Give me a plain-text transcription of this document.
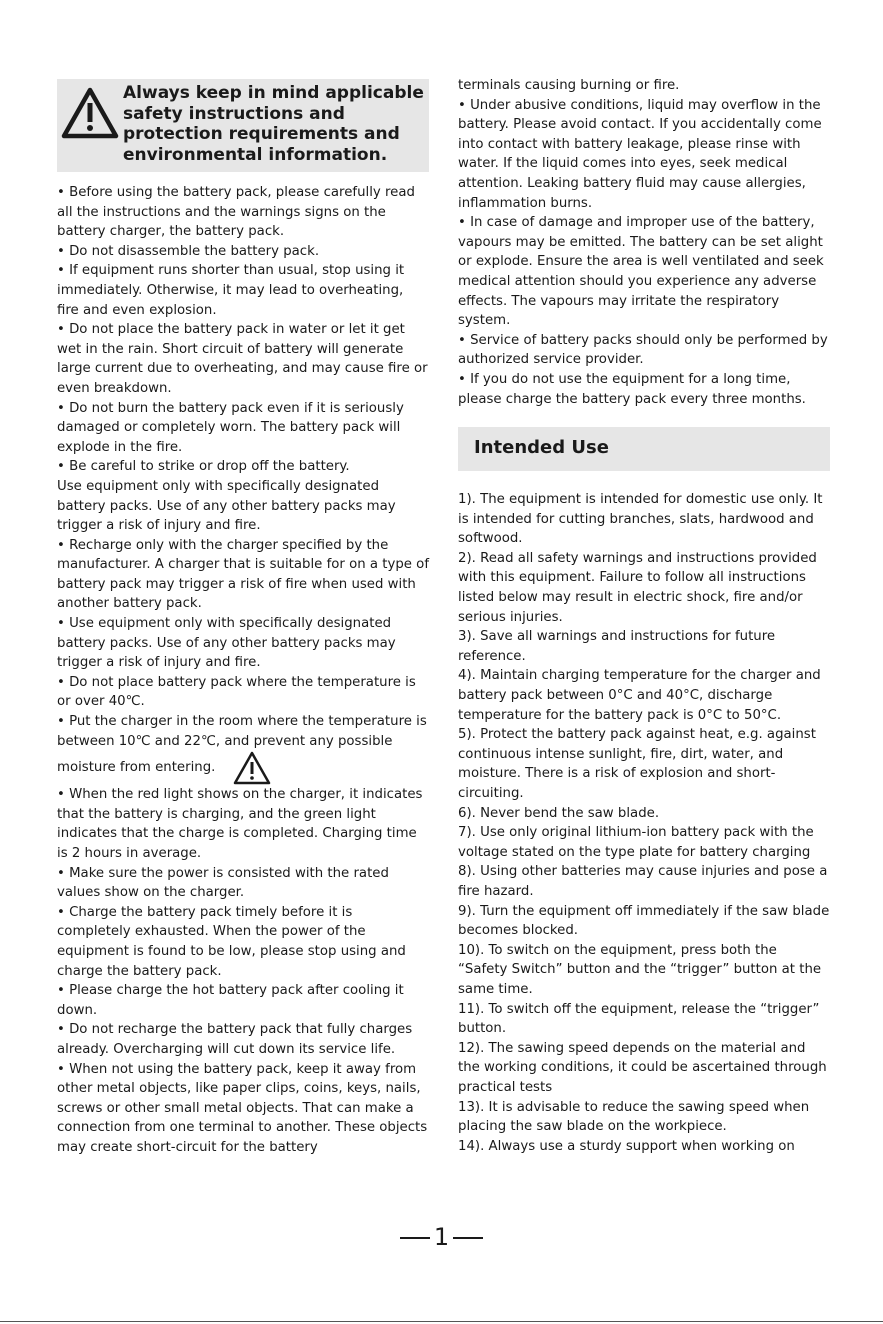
Always keep in mind applicable safety instructions and protection requirements and environmental information.

• Before using the battery pack, please carefully read all the instructions and the warnings signs on the battery charger, the battery pack.

• Do not disassemble the battery pack.

• If equipment runs shorter than usual, stop using it immediately. Otherwise, it may lead to overheating, fire and even explosion.

• Do not place the battery pack in water or let it get wet in the rain. Short circuit of battery will generate large current due to overheating, and may cause fire or even breakdown.

• Do not burn the battery pack even if it is seriously damaged or completely worn. The battery pack will explode in the fire.

• Be careful to strike or drop off the battery.

Use equipment only with specifically designated battery packs. Use of any other battery packs may trigger a risk of injury and fire.

• Recharge only with the charger specified by the manufacturer. A charger that is suitable for on a type of battery pack may trigger a risk of fire when used with another battery pack.

• Use equipment only with specifically designated battery packs. Use of any other battery packs may trigger a risk of injury and fire.

• Do not place battery pack where the temperature is or over 40℃.

• Put the charger in the room where the temperature is between 10℃ and 22℃, and prevent any possible moisture from entering.

• When the red light shows on the charger, it indicates that the battery is charging, and the green light indicates that the charge is completed. Charging time is 2 hours in average.

• Make sure the power is consisted with the rated values show on the charger.

• Charge the battery pack timely before it is completely exhausted. When the power of the equipment is found to be low, please stop using and charge the battery pack.

• Please charge the hot battery pack after cooling it down.

• Do not recharge the battery pack that fully charges already. Overcharging will cut down its service life.

• When not using the battery pack, keep it away from other metal objects, like paper clips, coins, keys, nails, screws or other small metal objects. That can make a connection from one terminal to another. These objects may create short-circuit for the battery

terminals causing burning or fire.

• Under abusive conditions, liquid may overflow in the battery. Please avoid contact. If you accidentally come into contact with battery leakage, please rinse with water. If the liquid comes into eyes, seek medical attention. Leaking battery fluid may cause allergies, inflammation burns.

• In case of damage and improper use of the battery, vapours may be emitted. The battery can be set alight or explode. Ensure the area is well ventilated and seek medical attention should you experience any adverse effects. The vapours may irritate the respiratory system.

• Service of battery packs should only be performed by authorized service provider.

• If you do not use the equipment for a long time, please charge the battery pack every three months.

Intended Use

1). The equipment is intended for domestic use only. It is intended for cutting branches, slats, hardwood and softwood.

2). Read all safety warnings and instructions provided with this equipment. Failure to follow all instructions listed below may result in electric shock, fire and/or serious injuries.

3). Save all warnings and instructions for future reference.

4). Maintain charging temperature for the charger and battery pack between 0°C and 40°C, discharge temperature for the battery pack is 0°C to 50°C.

5). Protect the battery pack against heat, e.g. against continuous intense sunlight, fire, dirt, water, and moisture. There is a risk of explosion and short-circuiting.

6). Never bend the saw blade.

7). Use only original lithium-ion battery pack with the voltage stated on the type plate for battery charging

8). Using other batteries may cause injuries and pose a fire hazard.

9). Turn the equipment off immediately if the saw blade becomes blocked.

10). To switch on the equipment, press both the “Safety Switch” button and the “trigger” button at the same time.

11). To switch off the equipment, release the “trigger” button.

12). The sawing speed depends on the material and the working conditions, it could be ascertained through practical tests

13). It is advisable to reduce the sawing speed when placing the saw blade on the workpiece.

14). Always use a sturdy support when working on

1
